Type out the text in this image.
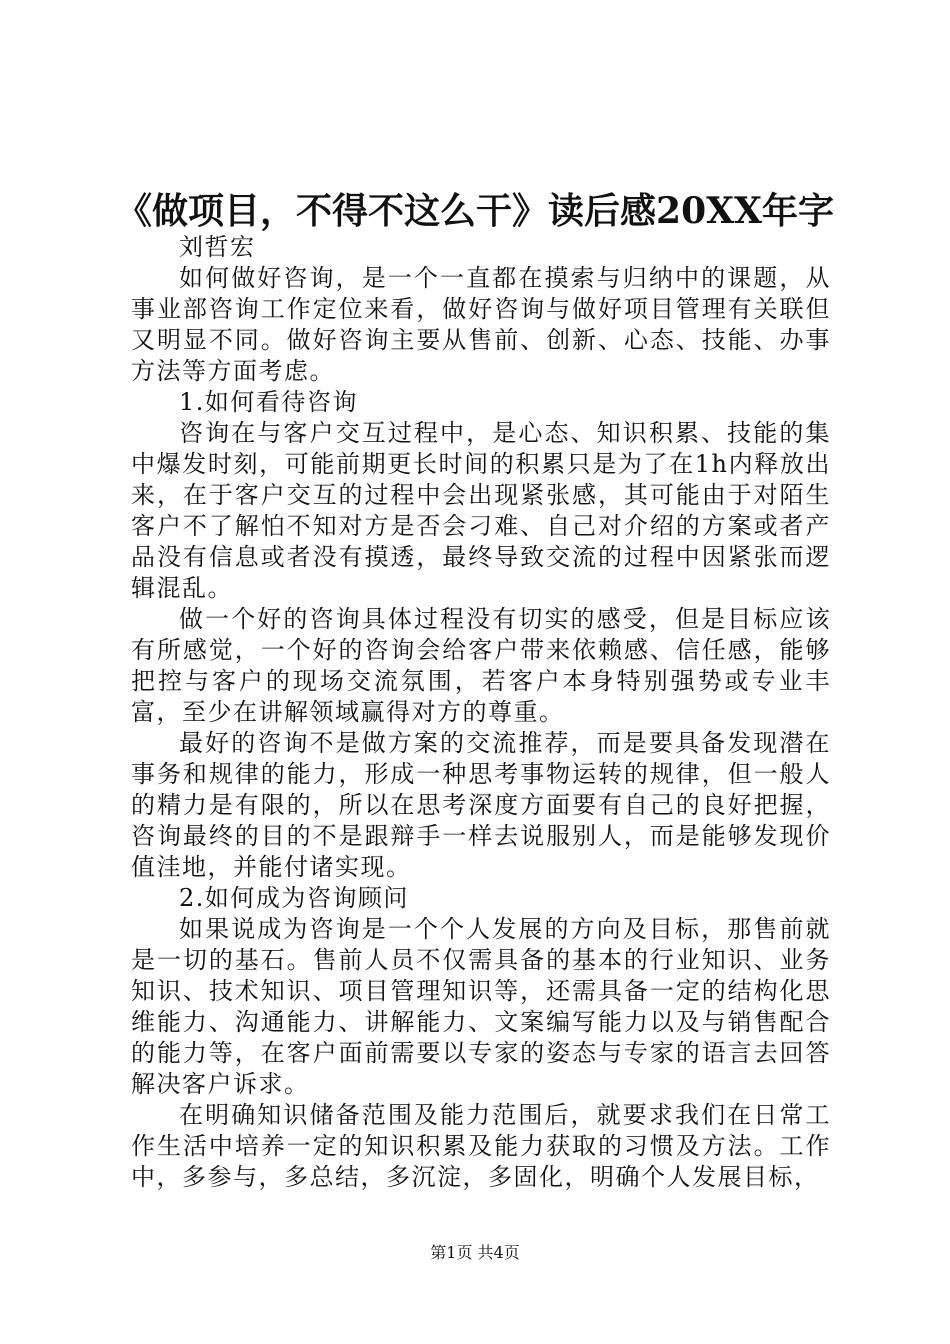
《做项目，不得不这么干》读后感20XX年字

刘哲宏

如何做好咨询，是一个一直都在摸索与归纳中的课题，从事业部咨询工作定位来看，做好咨询与做好项目管理有关联但又明显不同。做好咨询主要从售前、创新、心态、技能、办事方法等方面考虑。

1.如何看待咨询

咨询在与客户交互过程中，是心态、知识积累、技能的集中爆发时刻，可能前期更长时间的积累只是为了在1h内释放出来，在于客户交互的过程中会出现紧张感，其可能由于对陌生客户不了解怕不知对方是否会刁难、自己对介绍的方案或者产品没有信息或者没有摸透，最终导致交流的过程中因紧张而逻辑混乱。

做一个好的咨询具体过程没有切实的感受，但是目标应该有所感觉，一个好的咨询会给客户带来依赖感、信任感，能够把控与客户的现场交流氛围，若客户本身特别强势或专业丰富，至少在讲解领域赢得对方的尊重。

最好的咨询不是做方案的交流推荐，而是要具备发现潜在事务和规律的能力，形成一种思考事物运转的规律，但一般人的精力是有限的，所以在思考深度方面要有自己的良好把握，咨询最终的目的不是跟辩手一样去说服别人，而是能够发现价值洼地，并能付诸实现。

2.如何成为咨询顾问

如果说成为咨询是一个个人发展的方向及目标，那售前就是一切的基石。售前人员不仅需具备的基本的行业知识、业务知识、技术知识、项目管理知识等，还需具备一定的结构化思维能力、沟通能力、讲解能力、文案编写能力以及与销售配合的能力等，在客户面前需要以专家的姿态与专家的语言去回答解决客户诉求。

在明确知识储备范围及能力范围后，就要求我们在日常工作生活中培养一定的知识积累及能力获取的习惯及方法。工作中，多参与，多总结，多沉淀，多固化，明确个人发展目标，

第1页 共4页
